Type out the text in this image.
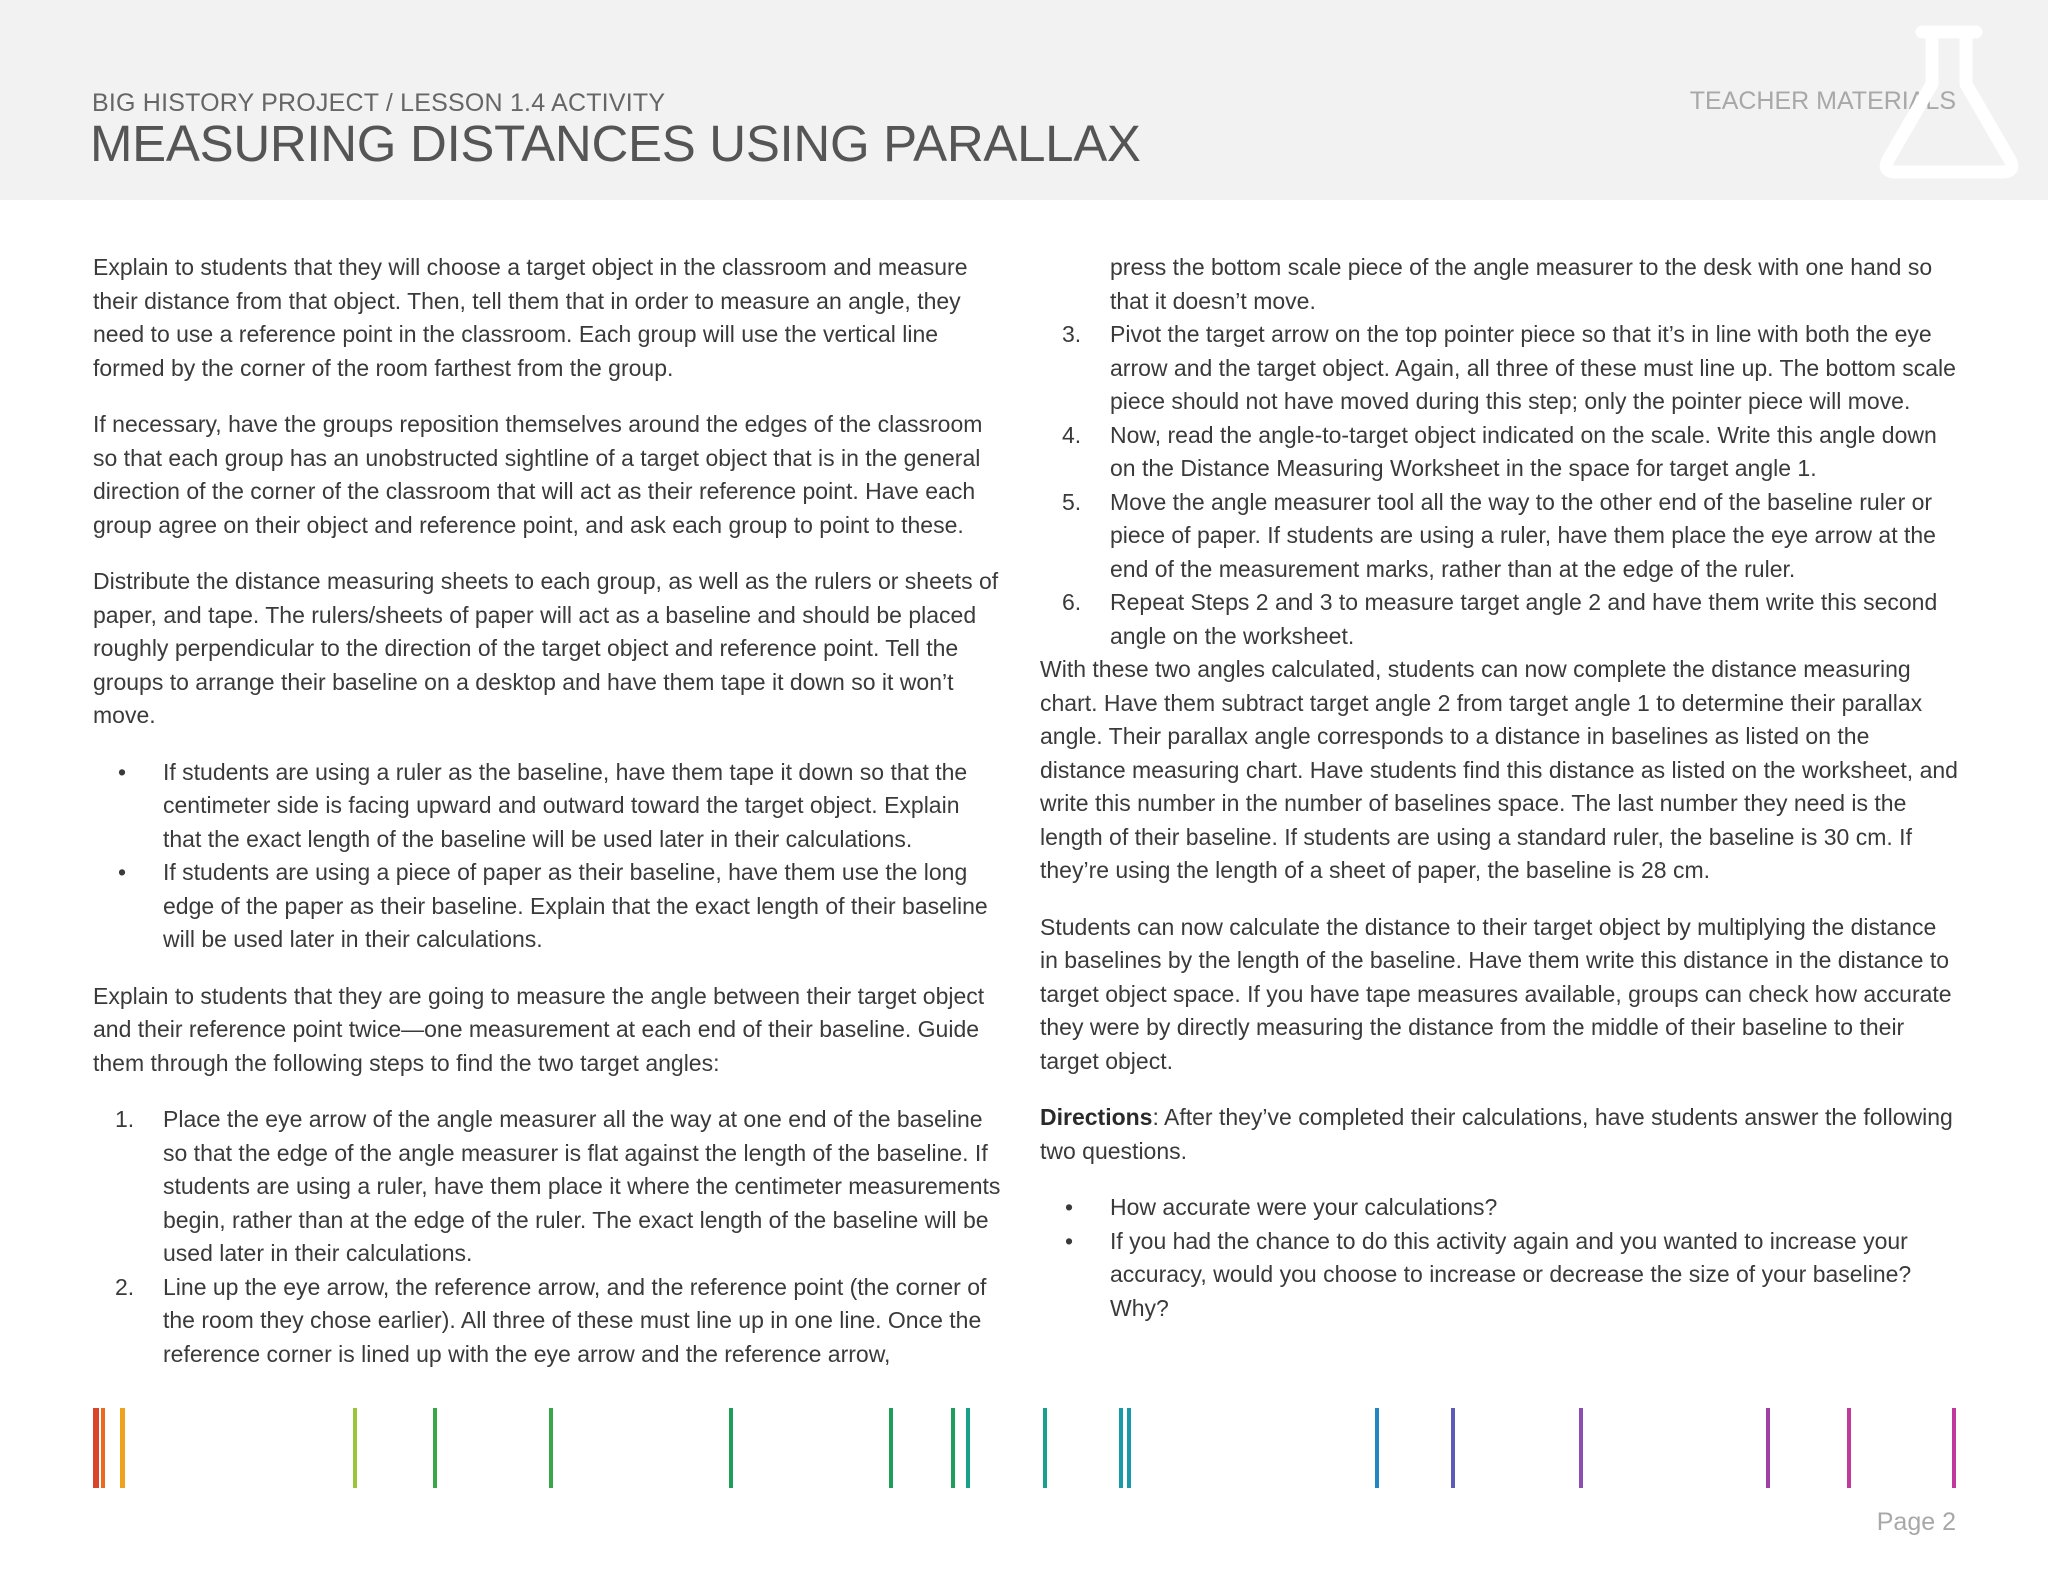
BIG HISTORY PROJECT / LESSON 1.4 ACTIVITY
MEASURING DISTANCES USING PARALLAX
TEACHER MATERIALS

Explain to students that they will choose a target object in the classroom and measure their distance from that object. Then, tell them that in order to measure an angle, they need to use a reference point in the classroom. Each group will use the vertical line formed by the corner of the room farthest from the group.

If necessary, have the groups reposition themselves around the edges of the classroom so that each group has an unobstructed sightline of a target object that is in the general direction of the corner of the classroom that will act as their reference point. Have each group agree on their object and reference point, and ask each group to point to these.

Distribute the distance measuring sheets to each group, as well as the rulers or sheets of paper, and tape. The rulers/sheets of paper will act as a baseline and should be placed roughly perpendicular to the direction of the target object and reference point. Tell the groups to arrange their baseline on a desktop and have them tape it down so it won’t move.

• If students are using a ruler as the baseline, have them tape it down so that the centimeter side is facing upward and outward toward the target object. Explain that the exact length of the baseline will be used later in their calculations.
• If students are using a piece of paper as their baseline, have them use the long edge of the paper as their baseline. Explain that the exact length of their baseline will be used later in their calculations.

Explain to students that they are going to measure the angle between their target object and their reference point twice—one measurement at each end of their baseline. Guide them through the following steps to find the two target angles:

1. Place the eye arrow of the angle measurer all the way at one end of the baseline so that the edge of the angle measurer is flat against the length of the baseline. If students are using a ruler, have them place it where the centimeter measurements begin, rather than at the edge of the ruler. The exact length of the baseline will be used later in their calculations.
2. Line up the eye arrow, the reference arrow, and the reference point (the corner of the room they chose earlier). All three of these must line up in one line. Once the reference corner is lined up with the eye arrow and the reference arrow,

press the bottom scale piece of the angle measurer to the desk with one hand so that it doesn’t move.

3. Pivot the target arrow on the top pointer piece so that it’s in line with both the eye arrow and the target object. Again, all three of these must line up. The bottom scale piece should not have moved during this step; only the pointer piece will move.
4. Now, read the angle-to-target object indicated on the scale. Write this angle down on the Distance Measuring Worksheet in the space for target angle 1.
5. Move the angle measurer tool all the way to the other end of the baseline ruler or piece of paper. If students are using a ruler, have them place the eye arrow at the end of the measurement marks, rather than at the edge of the ruler.
6. Repeat Steps 2 and 3 to measure target angle 2 and have them write this second angle on the worksheet.

With these two angles calculated, students can now complete the distance measuring chart. Have them subtract target angle 2 from target angle 1 to determine their parallax angle. Their parallax angle corresponds to a distance in baselines as listed on the distance measuring chart. Have students find this distance as listed on the worksheet, and write this number in the number of baselines space. The last number they need is the length of their baseline. If students are using a standard ruler, the baseline is 30 cm. If they’re using the length of a sheet of paper, the baseline is 28 cm.

Students can now calculate the distance to their target object by multiplying the distance in baselines by the length of the baseline. Have them write this distance in the distance to target object space. If you have tape measures available, groups can check how accurate they were by directly measuring the distance from the middle of their baseline to their target object.

Directions: After they’ve completed their calculations, have students answer the following two questions.

• How accurate were your calculations?
• If you had the chance to do this activity again and you wanted to increase your accuracy, would you choose to increase or decrease the size of your baseline? Why?
Page 2
